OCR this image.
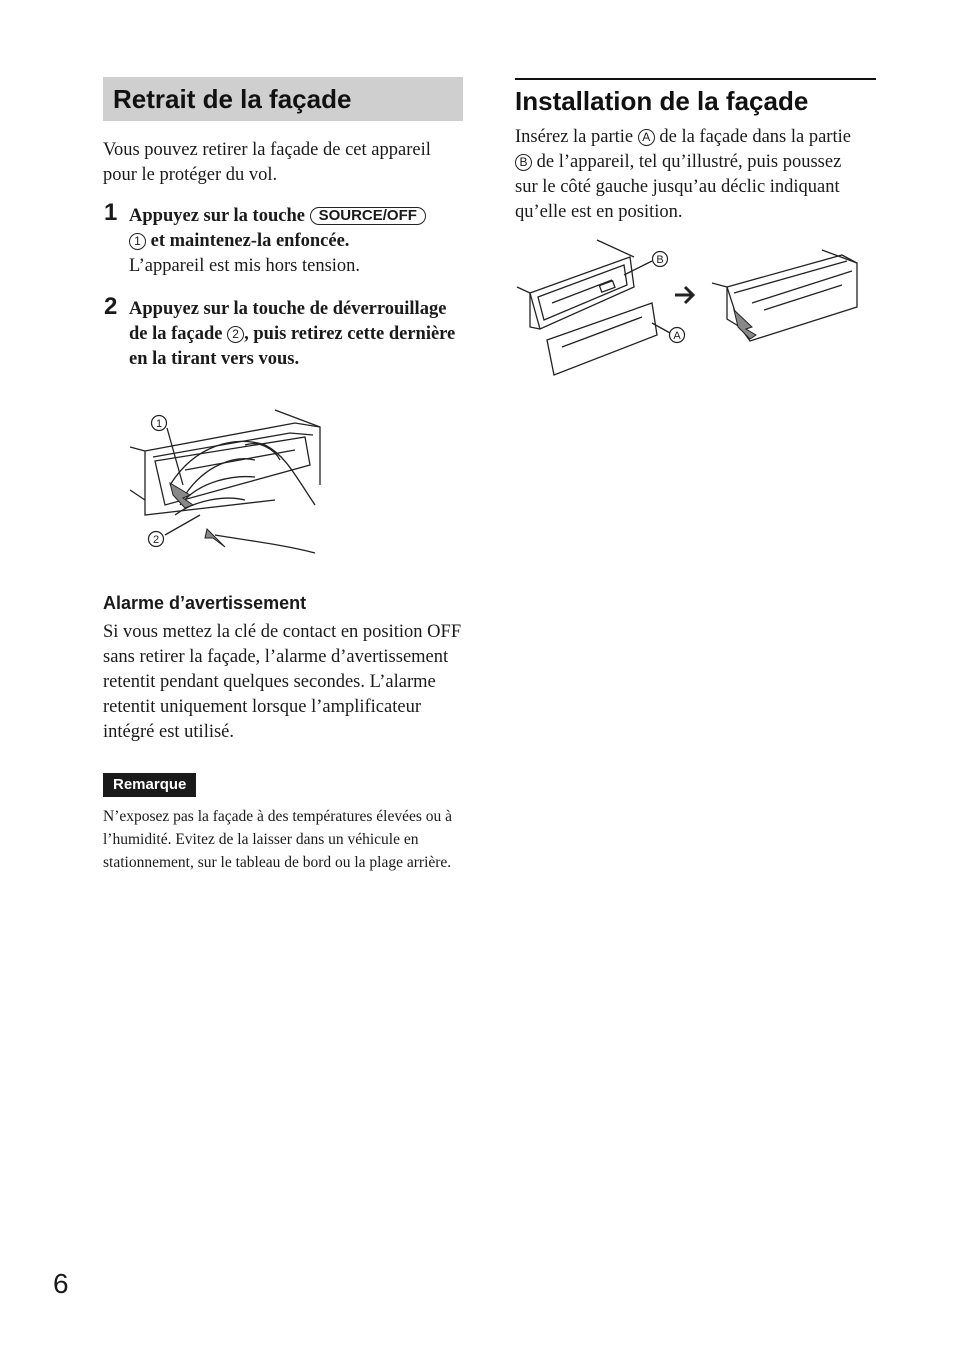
Retrait de la façade

Vous pouvez retirer la façade de cet appareil pour le protéger du vol.

1 Appuyez sur la touche SOURCE/OFF
1 et maintenez-la enfoncée.

L’appareil est mis hors tension.

2 Appuyez sur la touche de déverrouillage de la façade 2 , puis retirez cette dernière en la tirant vers vous.

1
2
Alarme d’avertissement

Si vous mettez la clé de contact en position OFF sans retirer la façade, l’alarme d’avertissement retentit pendant quelques secondes. L’alarme retentit uniquement lorsque l’amplificateur intégré est utilisé.

Remarque
N’exposez pas la façade à des températures élevées ou à l’humidité. Evitez de la laisser dans un véhicule en stationnement, sur le tableau de bord ou la plage arrière.
Installation de la façade

Insérez la partie A de la façade dans la partie B de l’appareil, tel qu’illustré, puis poussez sur le côté gauche jusqu’au déclic indiquant qu’elle est en position.

B
A
6
